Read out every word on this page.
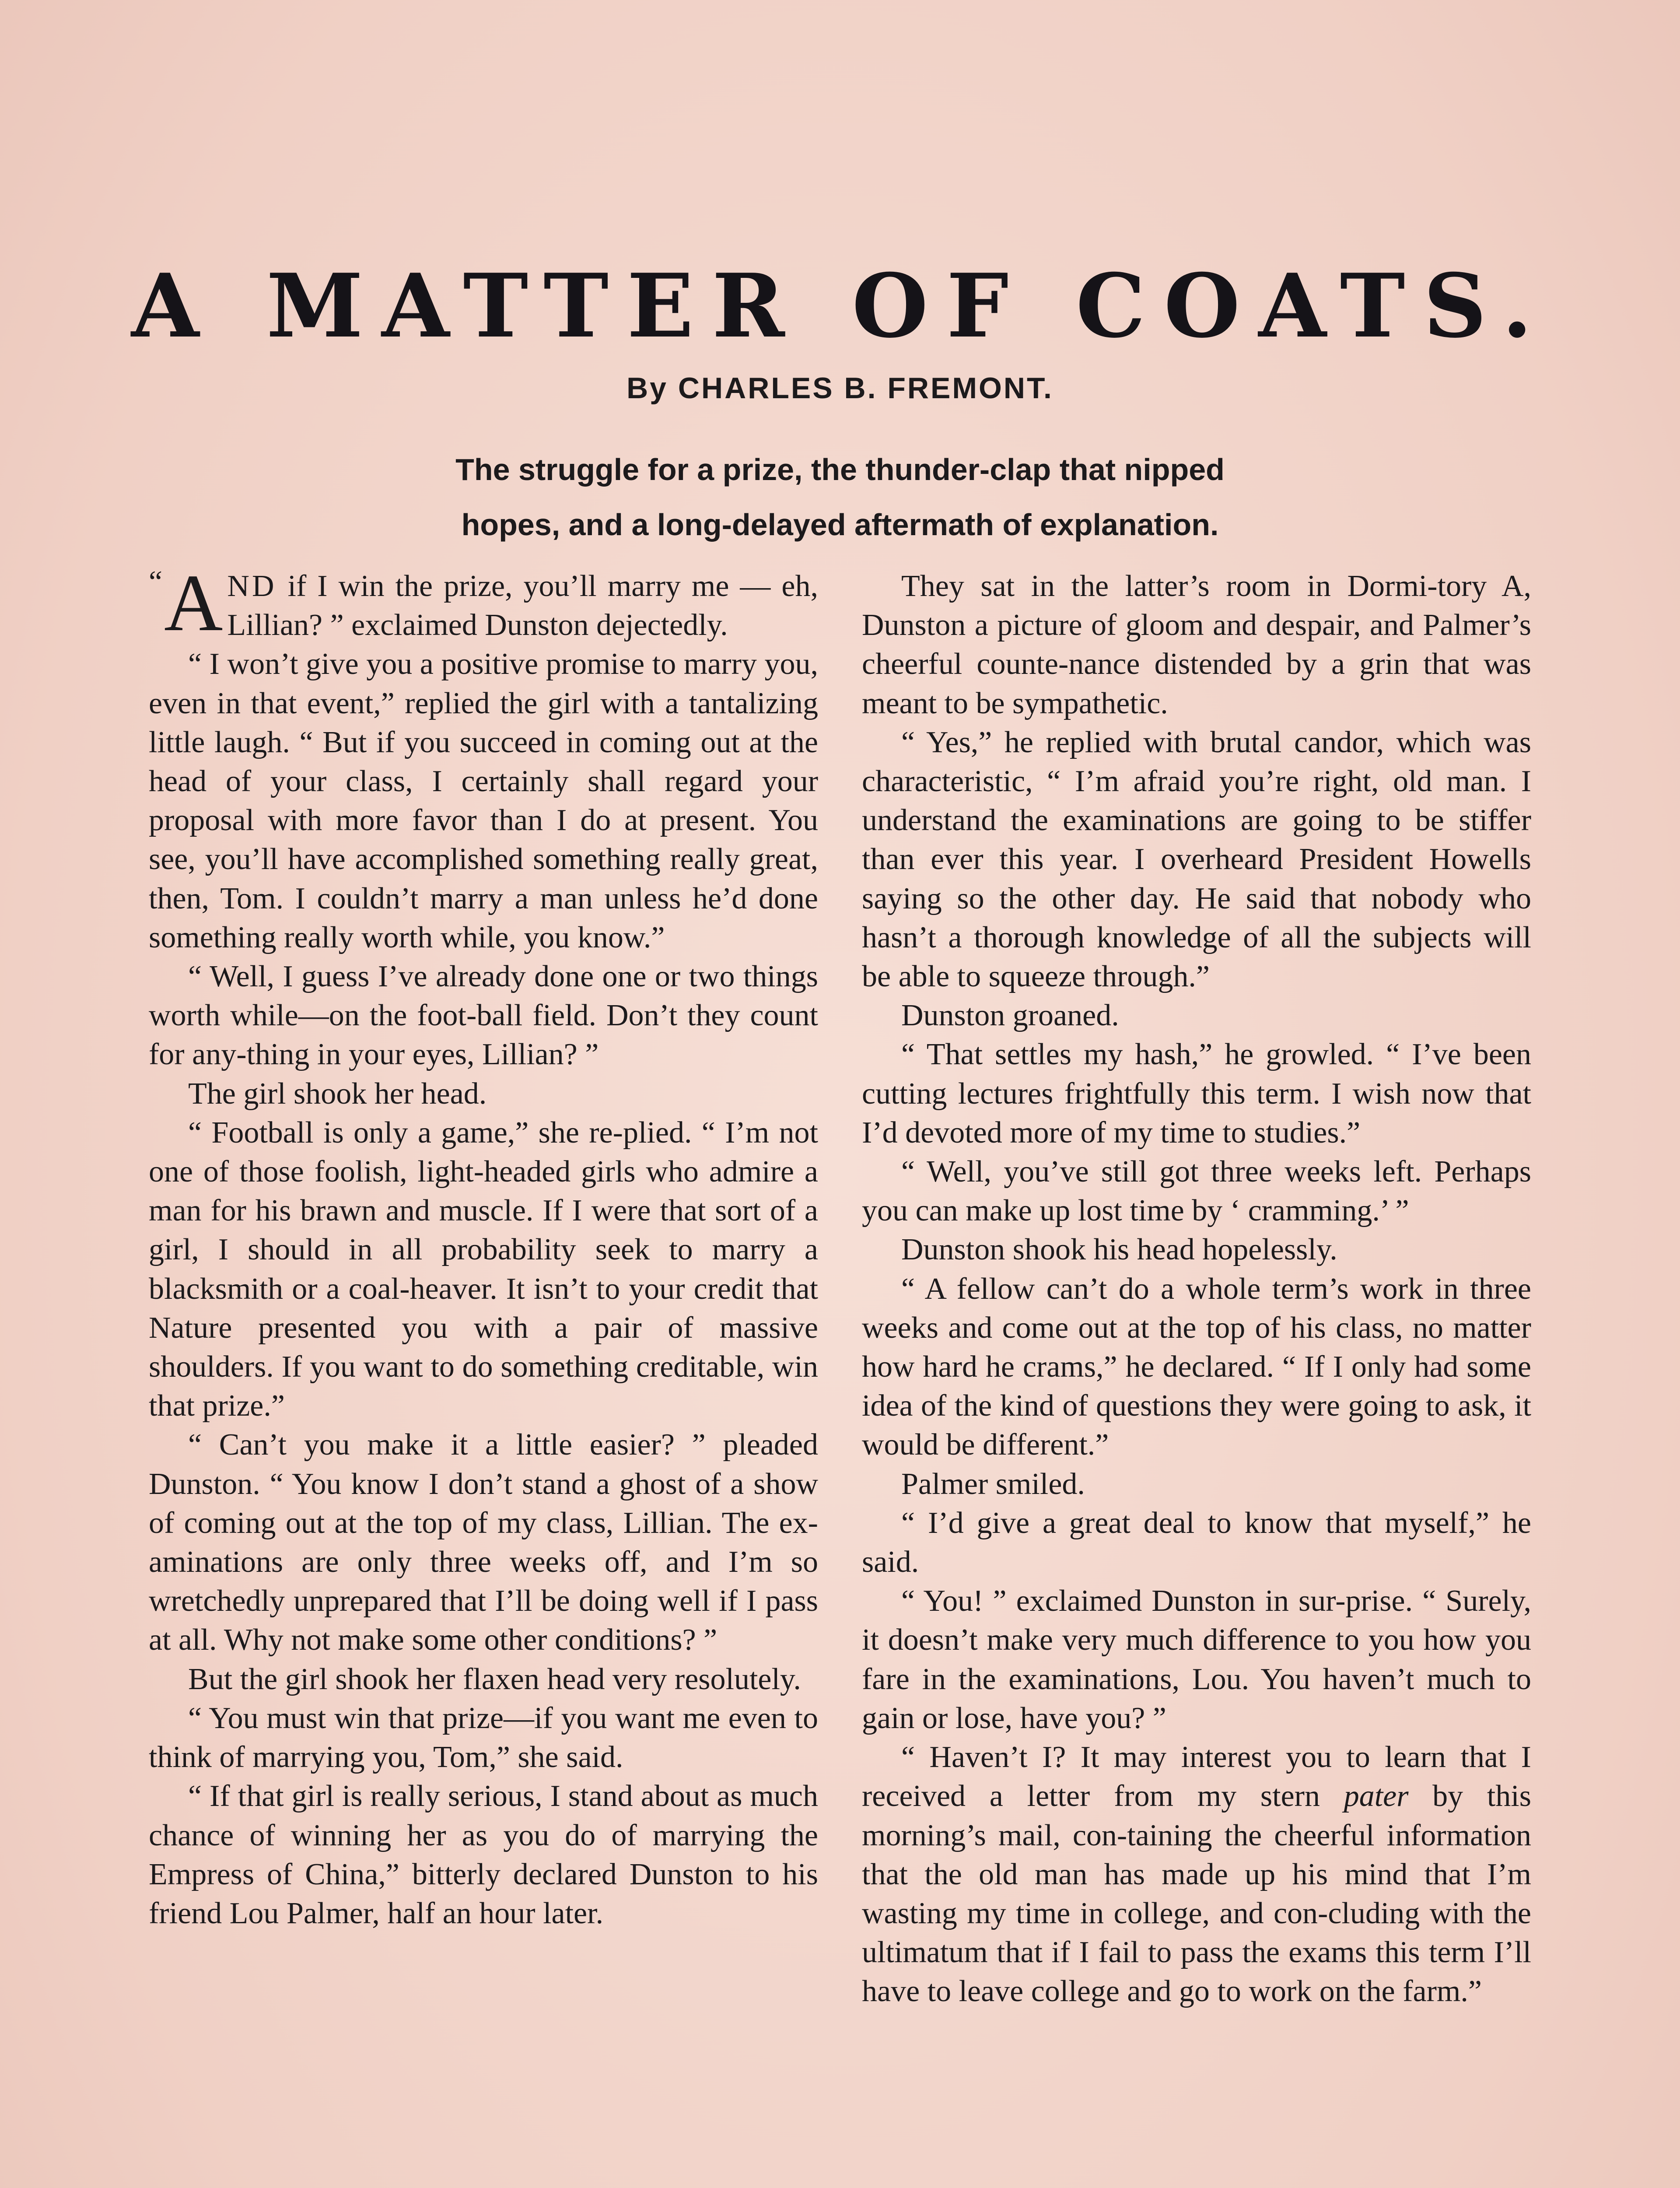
A MATTER OF COATS.
By CHARLES B. FREMONT.
The struggle for a prize, the thunder-clap that nipped
hopes, and a long-delayed aftermath of explanation.

“ A ND if I win the prize, you’ll marry me — eh, Lillian? ” exclaimed Dunston dejectedly.

“ I won’t give you a positive promise to marry you, even in that event,” replied the girl with a tantalizing little laugh. “ But if you succeed in coming out at the head of your class, I certainly shall regard your proposal with more favor than I do at present. You see, you’ll have accomplished something really great, then, Tom. I couldn’t marry a man unless he’d done something really worth while, you know.”

“ Well, I guess I’ve already done one or two things worth while—on the foot-ball field. Don’t they count for any-thing in your eyes, Lillian? ”

The girl shook her head.

“ Football is only a game,” she re-plied. “ I’m not one of those foolish, light-headed girls who admire a man for his brawn and muscle. If I were that sort of a girl, I should in all probability seek to marry a blacksmith or a coal-heaver. It isn’t to your credit that Nature presented you with a pair of massive shoulders. If you want to do something creditable, win that prize.”

“ Can’t you make it a little easier? ” pleaded Dunston. “ You know I don’t stand a ghost of a show of coming out at the top of my class, Lillian. The ex-aminations are only three weeks off, and I’m so wretchedly unprepared that I’ll be doing well if I pass at all. Why not make some other conditions? ”

But the girl shook her flaxen head very resolutely.

“ You must win that prize—if you want me even to think of marrying you, Tom,” she said.

“ If that girl is really serious, I stand about as much chance of winning her as you do of marrying the Empress of China,” bitterly declared Dunston to his friend Lou Palmer, half an hour later.

They sat in the latter’s room in Dormi-tory A, Dunston a picture of gloom and despair, and Palmer’s cheerful counte-nance distended by a grin that was meant to be sympathetic.

“ Yes,” he replied with brutal candor, which was characteristic, “ I’m afraid you’re right, old man. I understand the examinations are going to be stiffer than ever this year. I overheard President Howells saying so the other day. He said that nobody who hasn’t a thorough knowledge of all the subjects will be able to squeeze through.”

Dunston groaned.

“ That settles my hash,” he growled. “ I’ve been cutting lectures frightfully this term. I wish now that I’d devoted more of my time to studies.”

“ Well, you’ve still got three weeks left. Perhaps you can make up lost time by ‘ cramming.’ ”

Dunston shook his head hopelessly.

“ A fellow can’t do a whole term’s work in three weeks and come out at the top of his class, no matter how hard he crams,” he declared. “ If I only had some idea of the kind of questions they were going to ask, it would be different.”

Palmer smiled.

“ I’d give a great deal to know that myself,” he said.

“ You! ” exclaimed Dunston in sur-prise. “ Surely, it doesn’t make very much difference to you how you fare in the examinations, Lou. You haven’t much to gain or lose, have you? ”

“ Haven’t I? It may interest you to learn that I received a letter from my stern pater by this morning’s mail, con-taining the cheerful information that the old man has made up his mind that I’m wasting my time in college, and con-cluding with the ultimatum that if I fail to pass the exams this term I’ll have to leave college and go to work on the farm.”
